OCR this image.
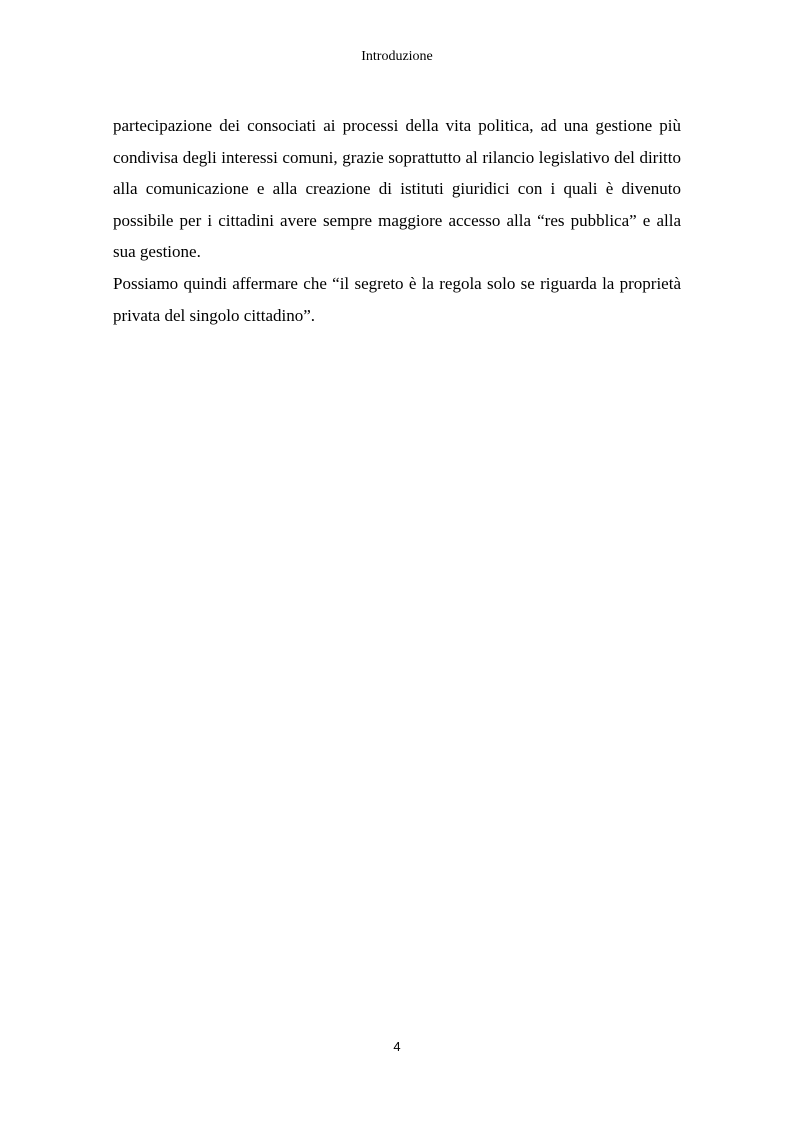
Introduzione

partecipazione dei consociati ai processi della vita politica, ad una gestione più condivisa degli interessi comuni, grazie soprattutto al rilancio legislativo del diritto alla comunicazione e alla creazione di istituti giuridici con i quali è divenuto possibile per i cittadini avere sempre maggiore accesso alla “res pubblica” e alla sua gestione.

Possiamo quindi affermare che “il segreto è la regola solo se riguarda la proprietà privata del singolo cittadino”.

4
